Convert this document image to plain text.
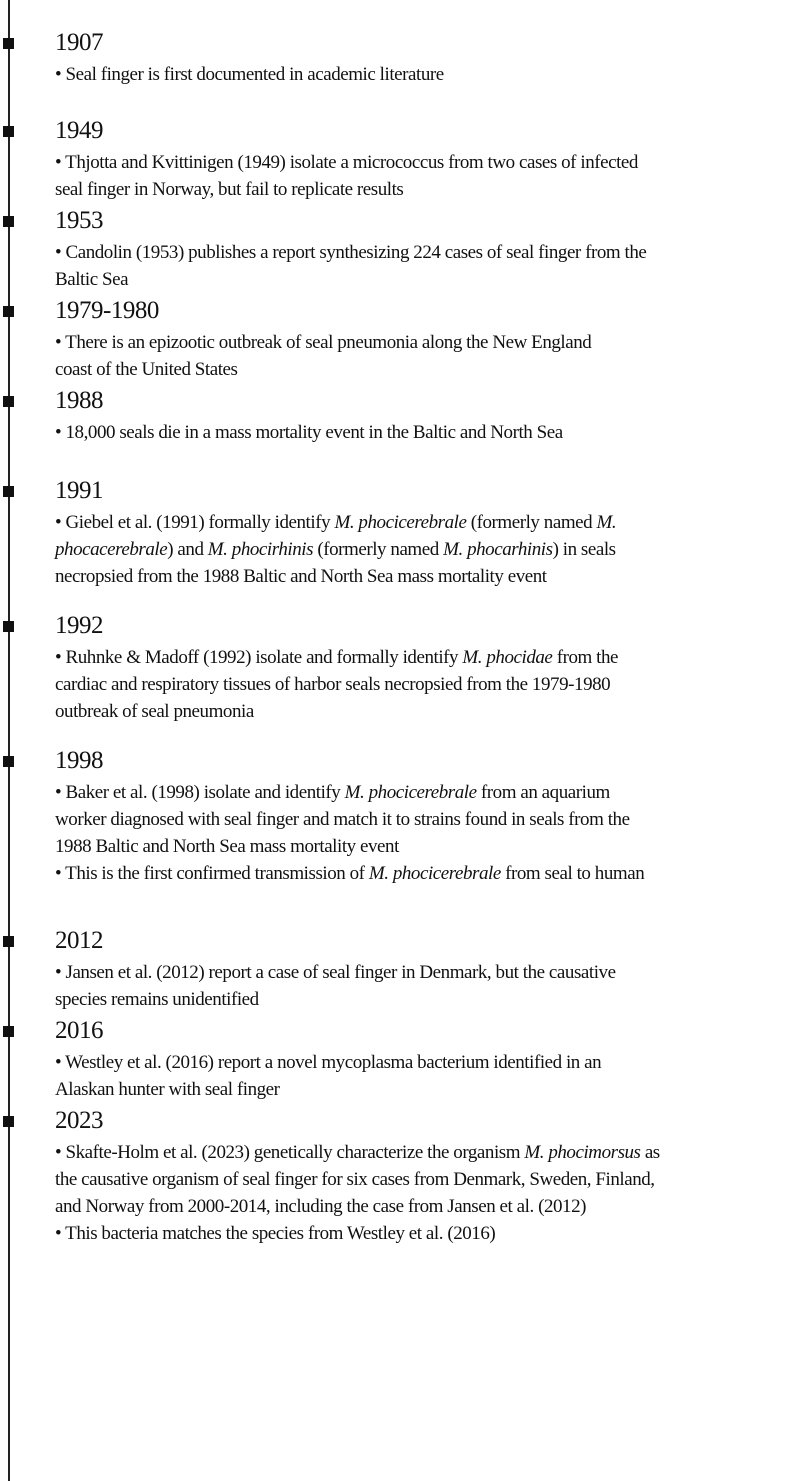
1907
• Seal finger is first documented in academic literature
1949
• Thjotta and Kvittinigen (1949) isolate a micrococcus from two cases of infected
seal finger in Norway, but fail to replicate results
1953
• Candolin (1953) publishes a report synthesizing 224 cases of seal finger from the
Baltic Sea
1979-1980
• There is an epizootic outbreak of seal pneumonia along the New England
coast of the United States
1988
• 18,000 seals die in a mass mortality event in the Baltic and North Sea
1991
• Giebel et al. (1991) formally identify M. phocicerebrale (formerly named M.
phocacerebrale) and M. phocirhinis (formerly named M. phocarhinis) in seals
necropsied from the 1988 Baltic and North Sea mass mortality event
1992
• Ruhnke & Madoff (1992) isolate and formally identify M. phocidae from the
cardiac and respiratory tissues of harbor seals necropsied from the 1979-1980
outbreak of seal pneumonia
1998
• Baker et al. (1998) isolate and identify M. phocicerebrale from an aquarium
worker diagnosed with seal finger and match it to strains found in seals from the
1988 Baltic and North Sea mass mortality event
• This is the first confirmed transmission of M. phocicerebrale from seal to human
2012
• Jansen et al. (2012) report a case of seal finger in Denmark, but the causative
species remains unidentified
2016
• Westley et al. (2016) report a novel mycoplasma bacterium identified in an
Alaskan hunter with seal finger
2023
• Skafte-Holm et al. (2023) genetically characterize the organism M. phocimorsus as
the causative organism of seal finger for six cases from Denmark, Sweden, Finland,
and Norway from 2000-2014, including the case from Jansen et al. (2012)
• This bacteria matches the species from Westley et al. (2016)
